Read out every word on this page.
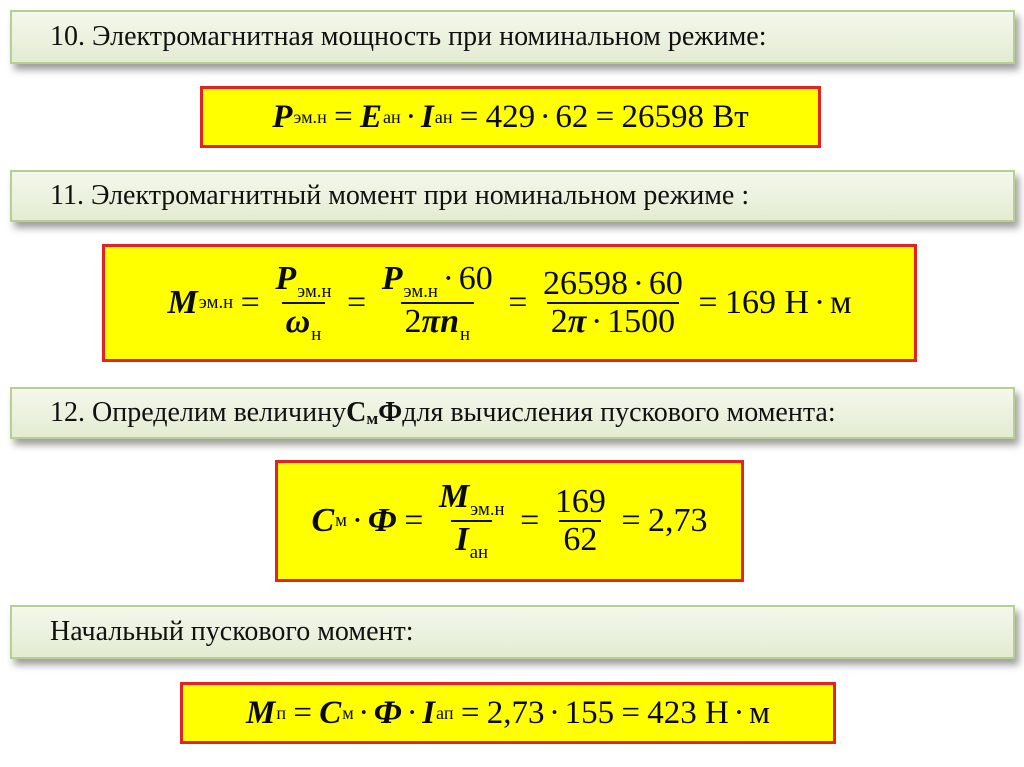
10.
Электромагнитная мощность при номинальном режиме:
P эм.н = E ан · I ан = 429 · 62 = 26598
Вт
11.
Электромагнитный момент при номинальном режиме :
M $эм.н = \frac{P_{эм.н}}{\omega_н} = \frac{P_{эм.н} \cdot 60}{2\pi n_н} = \frac{26598 \cdot 60}{2\pi \cdot 1500} = 169$
Н · м
12.
Определим величину С м Ф для вычисления пускового момента:
C $м \cdot Ф = \frac{M_{эм.н}}{I_{ан}} = \frac{169}{62} = 2,73$
Начальный пускового момент:
M п = C м · Ф · I ап = 2,73 · 155 = 423
Н · м
